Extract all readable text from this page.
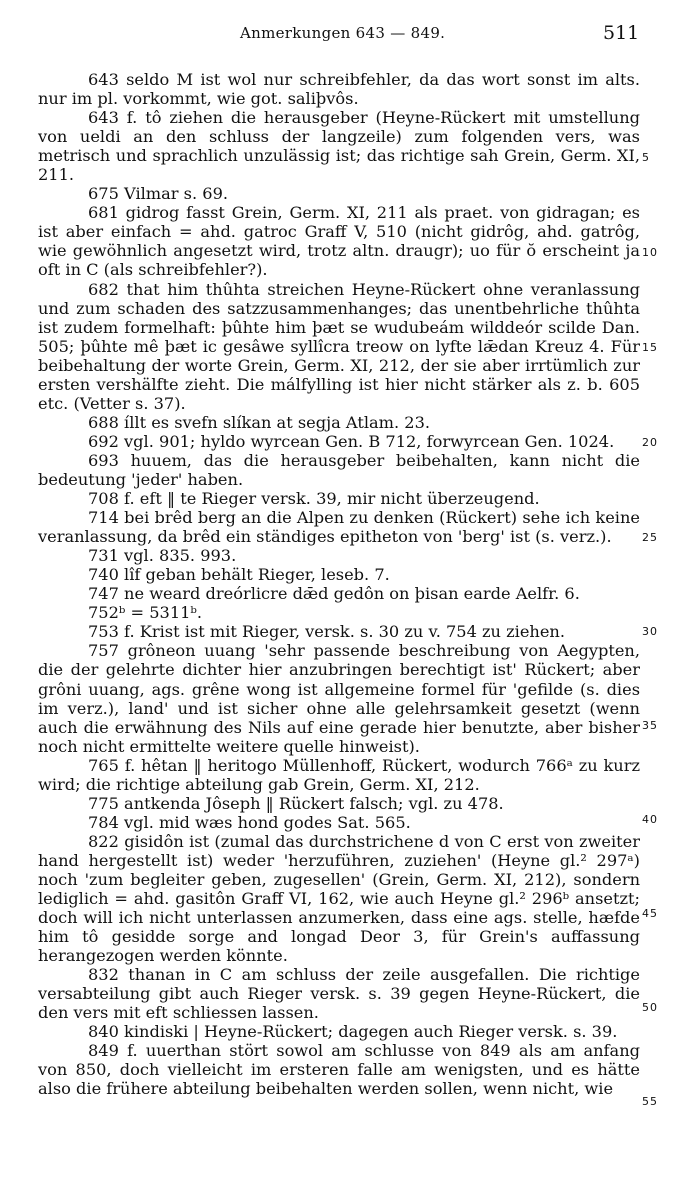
Anmerkungen 643 — 849.	511

643 seldo M ist wol nur schreibfehler, da das wort sonst im alts. nur im pl. vorkommt, wie got. saliþvôs.

643 f. tô ziehen die herausgeber (Heyne-Rückert mit umstellung von ueldi an den schluss der langzeile) zum folgenden vers, was metrisch und sprachlich unzulässig ist; das richtige sah Grein, Germ. XI, 211.

675 Vilmar s. 69.

681 gidrog fasst Grein, Germ. XI, 211 als praet. von gidragan; es ist aber einfach = ahd. gatroc Graff V, 510 (nicht gidrôg, ahd. gatrôg, wie gewöhnlich angesetzt wird, trotz altn. draugr); uo für ŏ erscheint ja oft in C (als schreibfehler?).

682 that him thûhta streichen Heyne-Rückert ohne veranlassung und zum schaden des satzzusammenhanges; das unentbehrliche thûhta ist zudem formelhaft: þûhte him þæt se wudubeám wilddeór scilde Dan. 505; þûhte mê þæt ic gesâwe syllîcra treow on lyfte lǣdan Kreuz 4. Für beibehaltung der worte Grein, Germ. XI, 212, der sie aber irrtümlich zur ersten vershälfte zieht. Die málfylling ist hier nicht stärker als z. b. 605 etc. (Vetter s. 37).

688 íllt es svefn slíkan at segja Atlam. 23.

692 vgl. 901; hyldo wyrcean Gen. B 712, forwyrcean Gen. 1024.

693 huuem, das die herausgeber beibehalten, kann nicht die bedeutung 'jeder' haben.

708 f. eft ‖ te Rieger versk. 39, mir nicht überzeugend.

714 bei brêd berg an die Alpen zu denken (Rückert) sehe ich keine veranlassung, da brêd ein ständiges epitheton von 'berg' ist (s. verz.).

731 vgl. 835. 993.

740 lîf geban behält Rieger, leseb. 7.

747 ne weard dreórlicre dǣd gedôn on þisan earde Aelfr. 6.

752ᵇ = 5311ᵇ.

753 f. Krist ist mit Rieger, versk. s. 30 zu v. 754 zu ziehen.

757 grôneon uuang 'sehr passende beschreibung von Aegypten, die der gelehrte dichter hier anzubringen berechtigt ist' Rückert; aber grôni uuang, ags. grêne wong ist allgemeine formel für 'gefilde (s. dies im verz.), land' und ist sicher ohne alle gelehrsamkeit gesetzt (wenn auch die erwähnung des Nils auf eine gerade hier benutzte, aber bisher noch nicht ermittelte weitere quelle hinweist).

765 f. hêtan ‖ heritogo Müllenhoff, Rückert, wodurch 766ᵃ zu kurz wird; die richtige abteilung gab Grein, Germ. XI, 212.

775 antkenda Jôseph ‖ Rückert falsch; vgl. zu 478.

784 vgl. mid wæs hond godes Sat. 565.

822 gisidôn ist (zumal das durchstrichene d von C erst von zweiter hand hergestellt ist) weder 'herzuführen, zuziehen' (Heyne gl.² 297ᵃ) noch 'zum begleiter geben, zugesellen' (Grein, Germ. XI, 212), sondern lediglich = ahd. gasitôn Graff VI, 162, wie auch Heyne gl.² 296ᵇ ansetzt; doch will ich nicht unterlassen anzumerken, dass eine ags. stelle, hæfde him tô gesidde sorge and longad Deor 3, für Grein's auffassung herangezogen werden könnte.

832 thanan in C am schluss der zeile ausgefallen. Die richtige versabteilung gibt auch Rieger versk. s. 39 gegen Heyne-Rückert, die den vers mit eft schliessen lassen.

840 kindiski | Heyne-Rückert; dagegen auch Rieger versk. s. 39.

849 f. uuerthan stört sowol am schlusse von 849 als am anfang von 850, doch vielleicht im ersteren falle am wenigsten, und es hätte also die frühere abteilung beibehalten werden sollen, wenn nicht, wie

5
10
15
20
25
30
35
40
45
50
55
